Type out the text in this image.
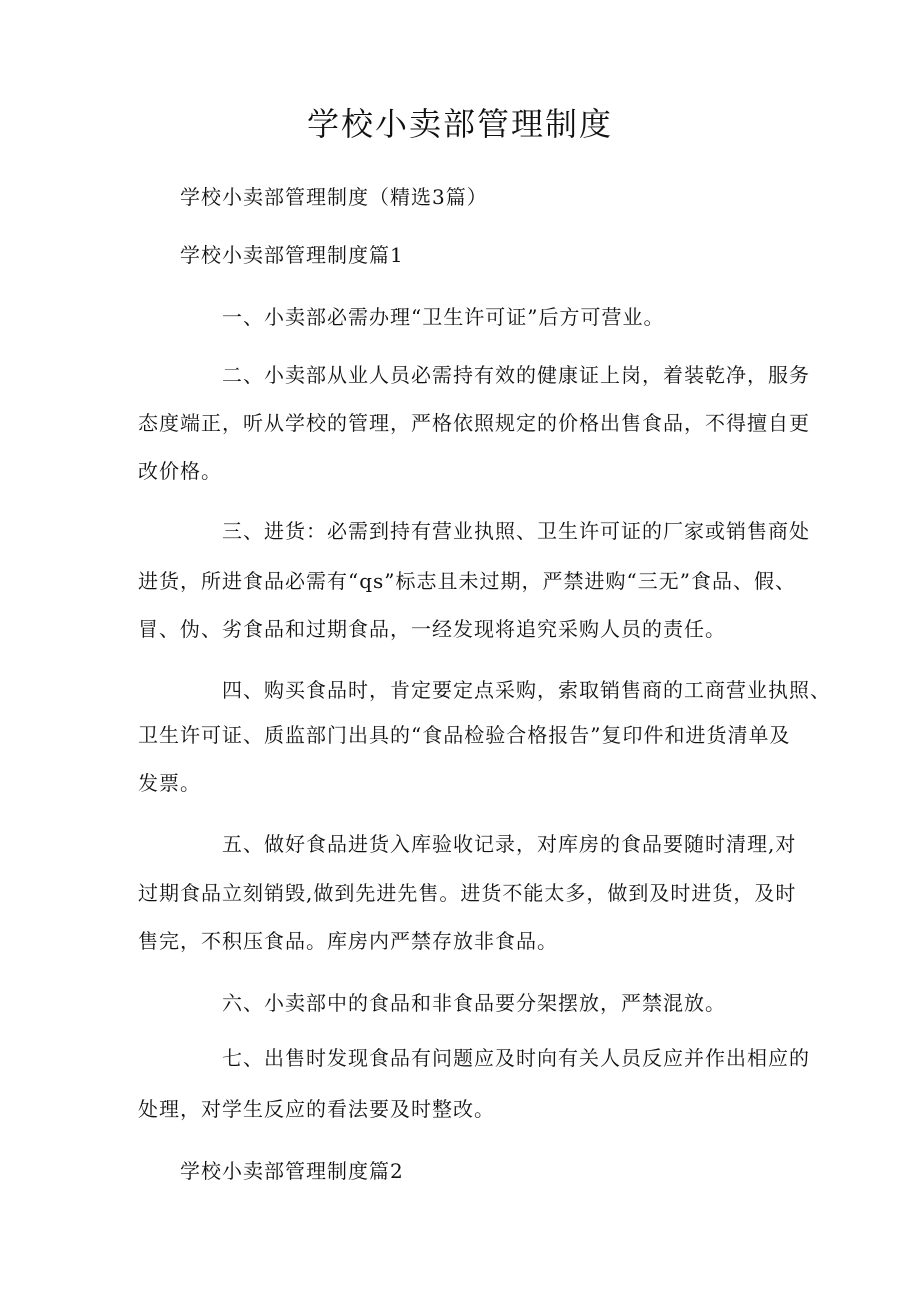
学校小卖部管理制度

学校小卖部管理制度（精选3篇）

学校小卖部管理制度篇1

一、小卖部必需办理“卫生许可证”后方可营业。

二、小卖部从业人员必需持有效的健康证上岗，着装乾净，服务

态度端正，听从学校的管理，严格依照规定的价格出售食品，不得擅自更

改价格。

三、进货：必需到持有营业执照、卫生许可证的厂家或销售商处

进货，所进食品必需有“qs”标志且未过期，严禁进购“三无”食品、假、

冒、伪、劣食品和过期食品，一经发现将追究采购人员的责任。

四、购买食品时，肯定要定点采购，索取销售商的工商营业执照、

卫生许可证、质监部门出具的“食品检验合格报告”复印件和进货清单及

发票。

五、做好食品进货入库验收记录，对库房的食品要随时清理,对

过期食品立刻销毁,做到先进先售。进货不能太多，做到及时进货，及时

售完，不积压食品。库房内严禁存放非食品。

六、小卖部中的食品和非食品要分架摆放，严禁混放。

七、出售时发现食品有问题应及时向有关人员反应并作出相应的

处理，对学生反应的看法要及时整改。

学校小卖部管理制度篇2
